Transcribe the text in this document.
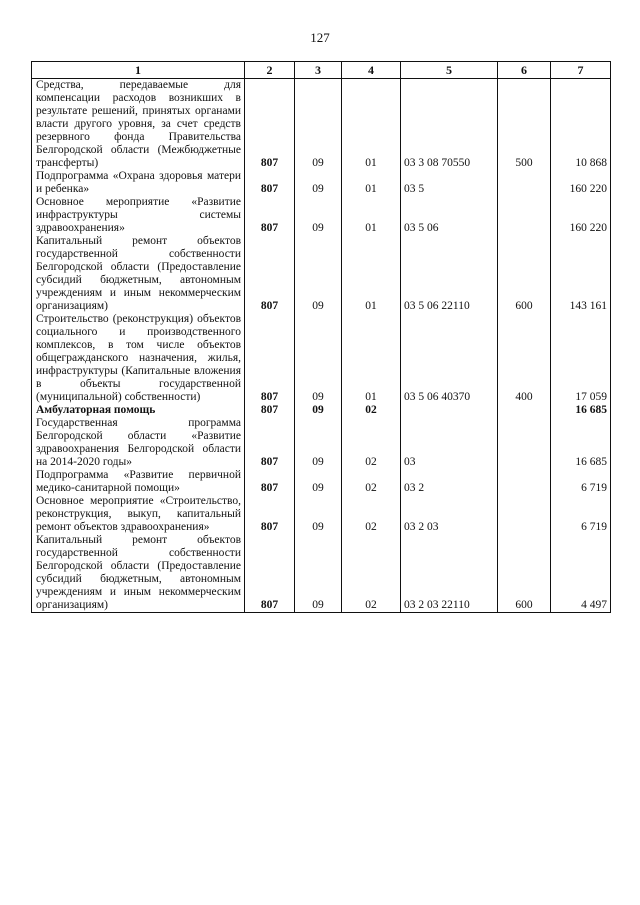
127
1	2	3	4	5	6	7
Средства, передаваемые для компенсации расходов возникших в результате решений, принятых органами власти другого уровня, за счет средств резервного фонда Правительства Белгородской области (Межбюджетные трансферты)	807	09	01	03 3 08 70550	500	10 868
Подпрограмма «Охрана здоровья матери и ребенка»	807	09	01	03 5		160 220
Основное мероприятие «Развитие инфраструктуры системы здравоохранения»	807	09	01	03 5 06		160 220
Капитальный ремонт объектов государственной собственности Белгородской области (Предоставление субсидий бюджетным, автономным учреждениям и иным некоммерческим организациям)	807	09	01	03 5 06 22110	600	143 161
Строительство (реконструкция) объектов социального и производственного комплексов, в том числе объектов общегражданского назначения, жилья, инфраструктуры (Капитальные вложения в объекты государственной (муниципальной) собственности)	807	09	01	03 5 06 40370	400	17 059
Амбулаторная помощь	807	09	02			16 685
Государственная программа Белгородской области «Развитие здравоохранения Белгородской области на 2014-2020 годы»	807	09	02	03		16 685
Подпрограмма «Развитие первичной медико-санитарной помощи»	807	09	02	03 2		6 719
Основное мероприятие «Строительство, реконструкция, выкуп, капитальный ремонт объектов здравоохранения»	807	09	02	03 2 03		6 719
Капитальный ремонт объектов государственной собственности Белгородской области (Предоставление субсидий бюджетным, автономным учреждениям и иным некоммерческим организациям)	807	09	02	03 2 03 22110	600	4 497
